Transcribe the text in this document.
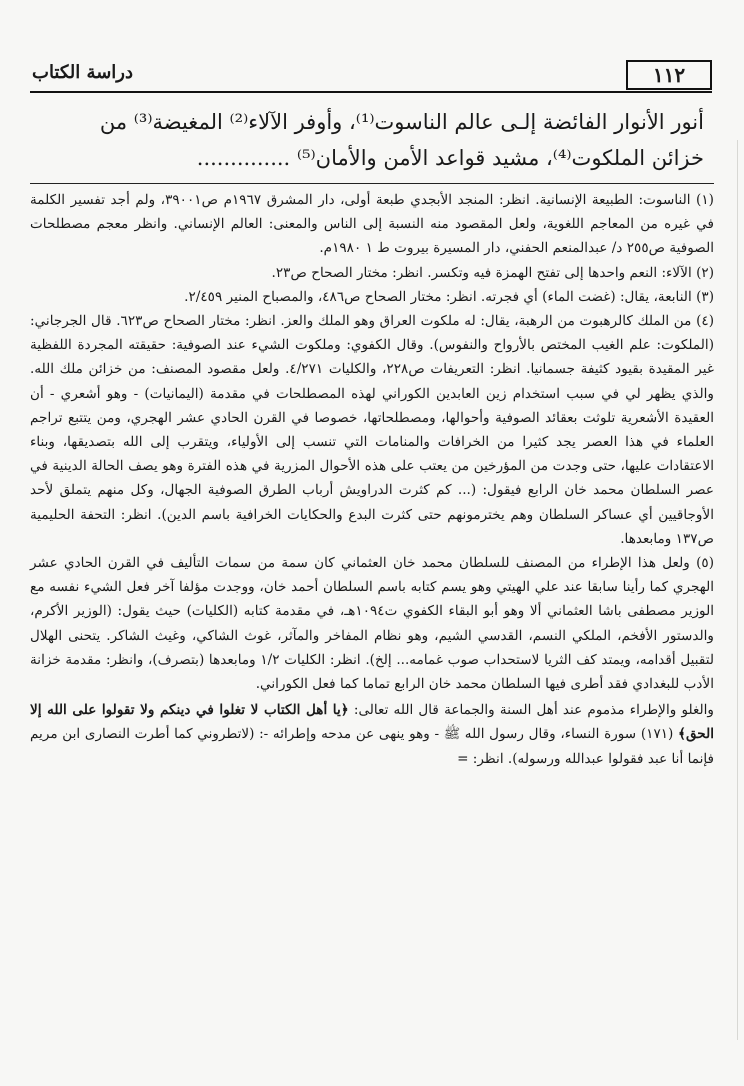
١١٢
دراسة الكتاب

أنور الأنوار الفائضة إلـى عالم الناسوت⁽¹⁾، وأوفر الآلاء⁽²⁾ المغيضة⁽³⁾ من

خزائن الملكوت⁽⁴⁾، مشيد قواعد الأمن والأمان⁽⁵⁾ ..............

(١) الناسوت: الطبيعة الإنسانية. انظر: المنجد الأبجدي طبعة أولى، دار المشرق ١٩٦٧م ص٣٩٠٠١، ولم أجد تفسير الكلمة في غيره من المعاجم اللغوية، ولعل المقصود منه النسبة إلى الناس والمعنى: العالم الإنساني. وانظر معجم مصطلحات الصوفية ص٢٥٥ د/ عبدالمنعم الحفني، دار المسيرة بيروت ط ١ ١٩٨٠م.

(٢) الآلاء: النعم واحدها إلى تفتح الهمزة فيه وتكسر. انظر: مختار الصحاح ص٢٣.

(٣) النابعة، يقال: (غضت الماء) أي فجرته. انظر: مختار الصحاح ص٤٨٦، والمصباح المنير ٢/٤٥٩.

(٤) من الملك كالرهبوت من الرهبة، يقال: له ملكوت العراق وهو الملك والعز. انظر: مختار الصحاح ص٦٢٣. قال الجرجاني: (الملكوت: علم الغيب المختص بالأرواح والنفوس). وقال الكفوي: وملكوت الشيء عند الصوفية: حقيقته المجردة اللفظية غير المقيدة بقيود كثيفة جسمانيا. انظر: التعريفات ص٢٢٨، والكليات ٤/٢٧١. ولعل مقصود المصنف: من خزائن ملك الله. والذي يظهر لي في سبب استخدام زين العابدين الكوراني لهذه المصطلحات في مقدمة (اليمانيات) - وهو أشعري - أن العقيدة الأشعرية تلوثت بعقائد الصوفية وأحوالها، ومصطلحاتها، خصوصا في القرن الحادي عشر الهجري، ومن يتتبع تراجم العلماء في هذا العصر يجد كثيرا من الخرافات والمنامات التي تنسب إلى الأولياء، ويتقرب إلى الله بتصديقها، وبناء الاعتقادات عليها، حتى وجدت من المؤرخين من يعتب على هذه الأحوال المزرية في هذه الفترة وهو يصف الحالة الدينية في عصر السلطان محمد خان الرابع فيقول: (... كم كثرت الدراويش أرباب الطرق الصوفية الجهال، وكل منهم يتملق لأحد الأوجاقيين أي عساكر السلطان وهم يخترمونهم حتى كثرت البدع والحكايات الخرافية باسم الدين). انظر: التحفة الحليمية ص١٣٧ ومابعدها.

(٥) ولعل هذا الإطراء من المصنف للسلطان محمد خان العثماني كان سمة من سمات التأليف في القرن الحادي عشر الهجري كما رأينا سابقا عند علي الهيتي وهو يسم كتابه باسم السلطان أحمد خان، ووجدت مؤلفا آخر فعل الشيء نفسه مع الوزير مصطفى باشا العثماني ألا وهو أبو البقاء الكفوي ت١٠٩٤هـ، في مقدمة كتابه (الكليات) حيث يقول: (الوزير الأكرم، والدستور الأفخم، الملكي النسم، القدسي الشيم، وهو نظام المفاخر والمآثر، غوث الشاكي، وغيث الشاكر. يتحنى الهلال لتقبيل أقدامه، ويمتد كف الثريا لاستحداب صوب غمامه... إلخ). انظر: الكليات ١/٢ ومابعدها (بتصرف)، وانظر: مقدمة خزانة الأدب للبغدادي فقد أطرى فيها السلطان محمد خان الرابع تماما كما فعل الكوراني.

والغلو والإطراء مذموم عند أهل السنة والجماعة قال الله تعالى: ﴿يا أهل الكتاب لا تغلوا في دينكم ولا تقولوا على الله إلا الحق﴾ (١٧١) سورة النساء، وقال رسول الله ﷺ - وهو ينهى عن مدحه وإطرائه -: (لاتطروني كما أطرت النصارى ابن مريم فإنما أنا عبد فقولوا عبدالله ورسوله). انظر: =
